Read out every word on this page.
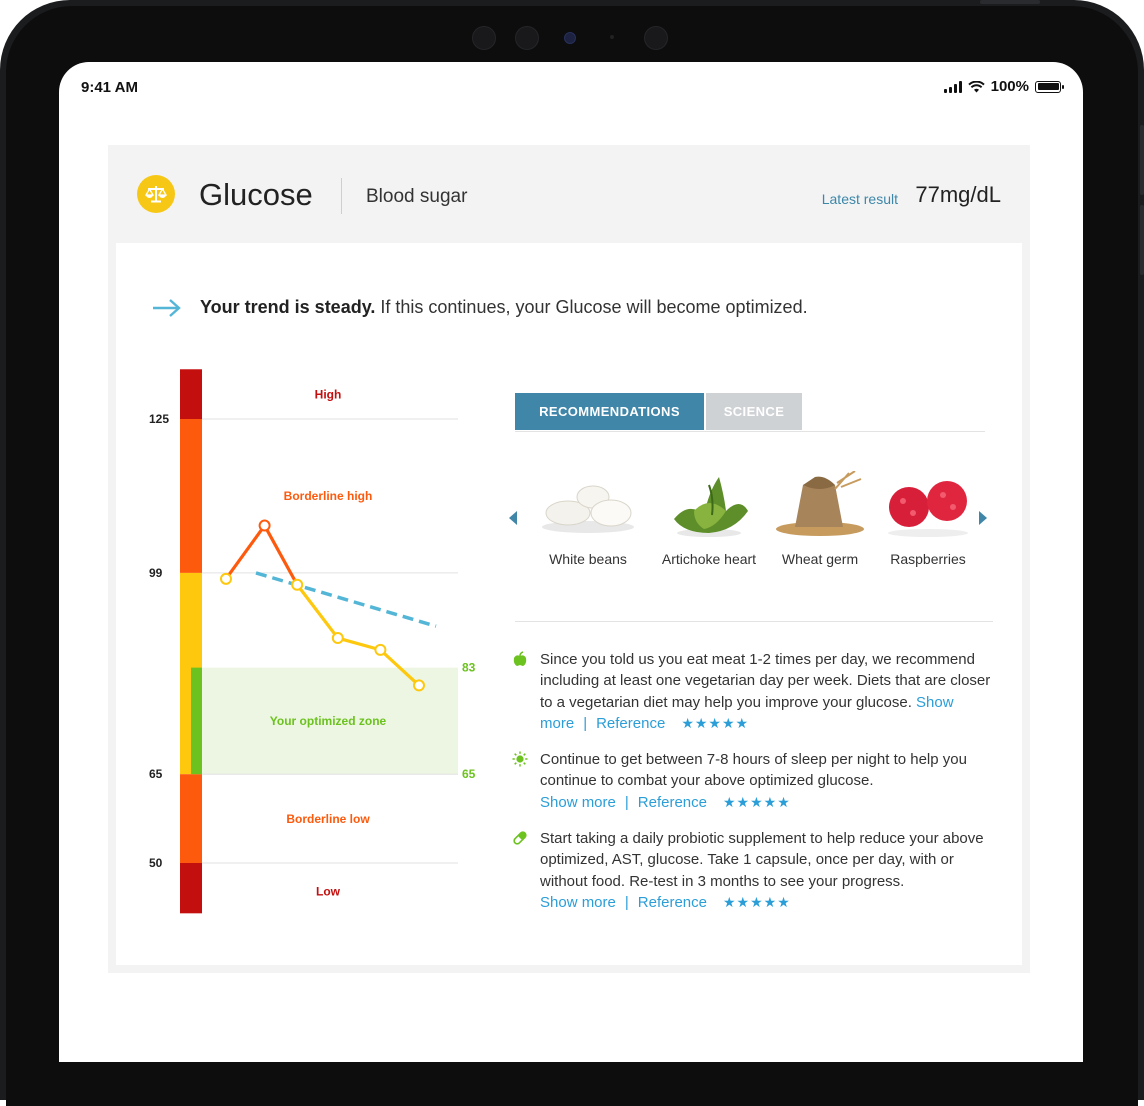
9:41 AM	100%
Glucose	Blood sugar	Latest result 77mg/dL
Your trend is steady. If this continues, your Glucose will become optimized.
125
99
65
50
High
Borderline high
Your optimized zone
Borderline low
Low
83
65
RECOMMENDATIONS	SCIENCE
White beans	Artichoke heart	Wheat germ	Raspberries
Since you told us you eat meat 1-2 times per day, we recommend including at least one vegetarian day per week. Diets that are closer to a vegetarian diet may help you improve your glucose. Show more | Reference ★★★★★
Continue to get between 7-8 hours of sleep per night to help you continue to combat your above optimized glucose.
Show more | Reference ★★★★★
Start taking a daily probiotic supplement to help reduce your above optimized, AST, glucose. Take 1 capsule, once per day, with or without food. Re-test in 3 months to see your progress.
Show more | Reference ★★★★★
